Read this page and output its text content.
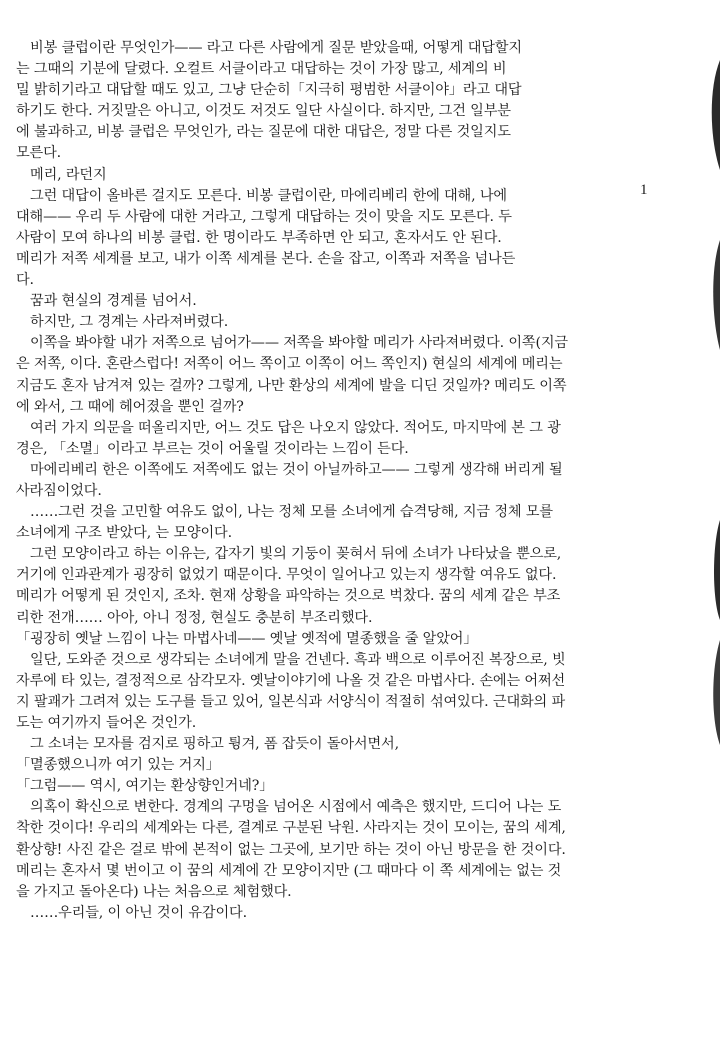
　비봉 클럽이란 무엇인가—— 라고 다른 사람에게 질문 받았을때, 어떻게 대답할지
는 그때의 기분에 달렸다. 오컬트 서클이라고 대답하는 것이 가장 많고, 세계의 비
밀 밝히기라고 대답할 때도 있고, 그냥 단순히「지극히 평범한 서클이야」라고 대답
하기도 한다. 거짓말은 아니고, 이것도 저것도 일단 사실이다. 하지만, 그건 일부분
에 불과하고, 비봉 클럽은 무엇인가, 라는 질문에 대한 대답은, 정말 다른 것일지도
모른다.
　메리, 라던지
　그런 대답이 올바른 걸지도 모른다. 비봉 클럽이란, 마에리베리 한에 대해, 나에
대해—— 우리 두 사람에 대한 거라고, 그렇게 대답하는 것이 맞을 지도 모른다. 두
사람이 모여 하나의 비봉 클럽. 한 명이라도 부족하면 안 되고, 혼자서도 안 된다.
메리가 저쪽 세계를 보고, 내가 이쪽 세계를 본다. 손을 잡고, 이쪽과 저쪽을 넘나든
다.
　꿈과 현실의 경계를 넘어서.
　하지만, 그 경계는 사라져버렸다.
　이쪽을 봐야할 내가 저쪽으로 넘어가—— 저쪽을 봐야할 메리가 사라져버렸다. 이쪽(지금
은 저쪽, 이다. 혼란스럽다! 저쪽이 어느 쪽이고 이쪽이 어느 쪽인지) 현실의 세계에 메리는
지금도 혼자 남겨져 있는 걸까? 그렇게, 나만 환상의 세계에 발을 디딘 것일까? 메리도 이쪽
에 와서, 그 때에 헤어졌을 뿐인 걸까?
　여러 가지 의문을 떠올리지만, 어느 것도 답은 나오지 않았다. 적어도, 마지막에 본 그 광
경은, 「소멸」이라고 부르는 것이 어울릴 것이라는 느낌이 든다.
　마에리베리 한은 이쪽에도 저쪽에도 없는 것이 아닐까하고—— 그렇게 생각해 버리게 될
사라짐이었다.
　……그런 것을 고민할 여유도 없이, 나는 정체 모를 소녀에게 습격당해, 지금 정체 모를
소녀에게 구조 받았다, 는 모양이다.
　그런 모양이라고 하는 이유는, 갑자기 빛의 기둥이 꽂혀서 뒤에 소녀가 나타났을 뿐으로,
거기에 인과관계가 굉장히 없었기 때문이다. 무엇이 일어나고 있는지 생각할 여유도 없다.
메리가 어떻게 된 것인지, 조차. 현재 상황을 파악하는 것으로 벅찼다. 꿈의 세계 같은 부조
리한 전개…… 아아, 아니 정정, 현실도 충분히 부조리했다.
「굉장히 옛날 느낌이 나는 마법사네—— 옛날 옛적에 멸종했을 줄 알았어」
　일단, 도와준 것으로 생각되는 소녀에게 말을 건넨다. 흑과 백으로 이루어진 복장으로, 빗
자루에 타 있는, 결정적으로 삼각모자. 옛날이야기에 나올 것 같은 마법사다. 손에는 어쩌선
지 팔괘가 그려져 있는 도구를 들고 있어, 일본식과 서양식이 적절히 섞여있다. 근대화의 파
도는 여기까지 들어온 것인가.
　그 소녀는 모자를 검지로 핑하고 튕겨, 폼 잡듯이 돌아서면서,
「멸종했으니까 여기 있는 거지」
「그럼—— 역시, 여기는 환상향인거네?」
　의혹이 확신으로 변한다. 경계의 구멍을 넘어온 시점에서 예측은 했지만, 드디어 나는 도
착한 것이다! 우리의 세계와는 다른, 결계로 구분된 낙원. 사라지는 것이 모이는, 꿈의 세계,
환상향! 사진 같은 걸로 밖에 본적이 없는 그곳에, 보기만 하는 것이 아닌 방문을 한 것이다.
메리는 혼자서 몇 번이고 이 꿈의 세계에 간 모양이지만 (그 때마다 이 쪽 세계에는 없는 것
을 가지고 돌아온다) 나는 처음으로 체험했다.
　……우리들, 이 아닌 것이 유감이다.
1
